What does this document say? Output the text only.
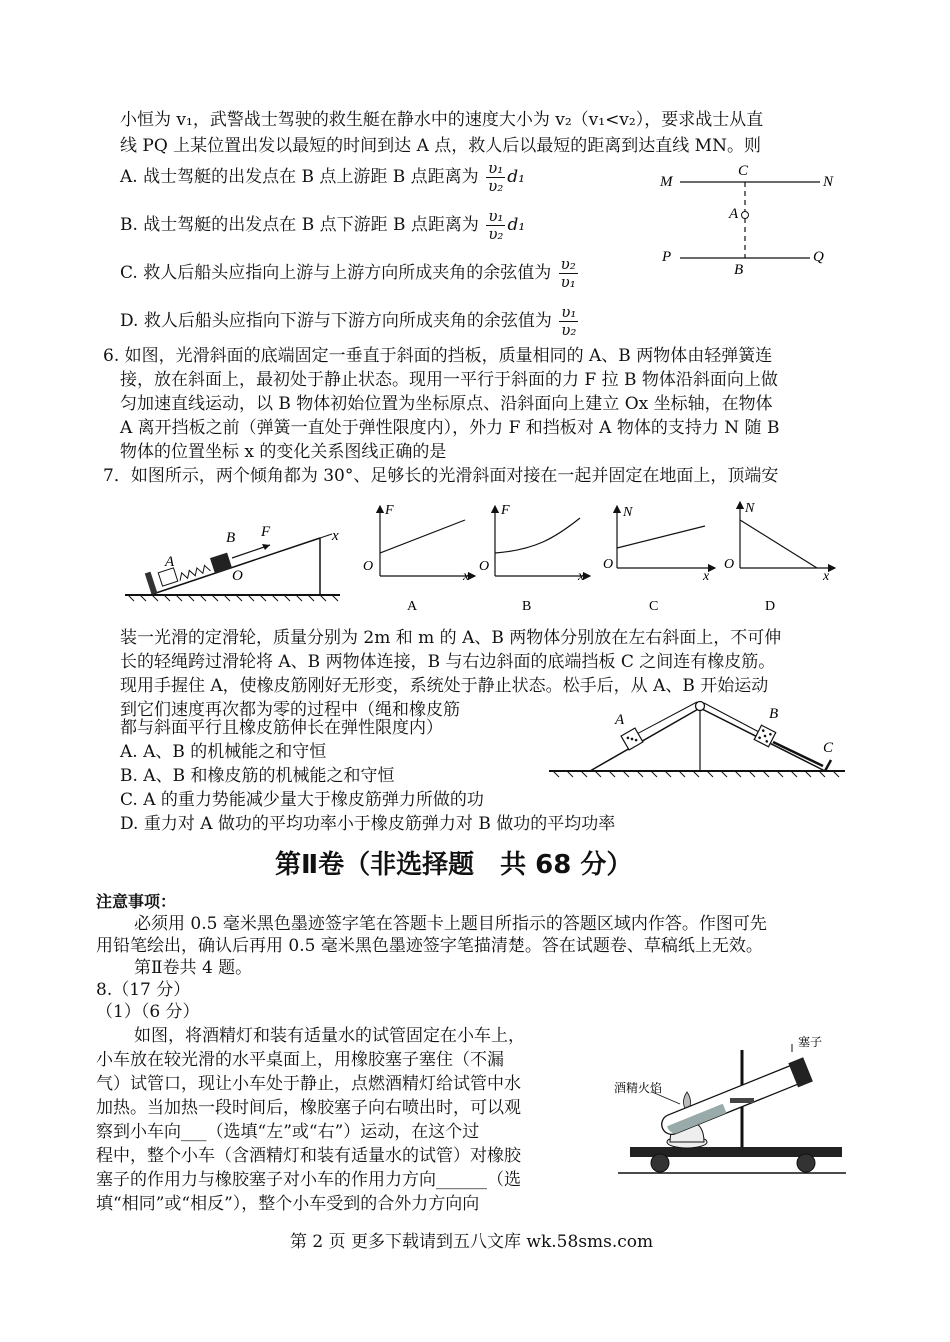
小恒为 v₁，武警战士驾驶的救生艇在静水中的速度大小为 v₂（v₁<v₂），要求战士从直
线 PQ 上某位置出发以最短的时间到达 A 点，救人后以最短的距离到达直线 MN。则
A. 战士驾艇的出发点在 B 点上游距 B 点距离为 $\frac{\text{υ₁}}{\text{υ₂}} d_1$
B. 战士驾艇的出发点在 B 点下游距 B 点距离为 $\frac{\text{υ₁}}{\text{υ₂}} d_1$
C. 救人后船头应指向上游与上游方向所成夹角的余弦值为 $\frac{\text{υ₂}}{\text{υ₁}}$
D. 救人后船头应指向下游与下游方向所成夹角的余弦值为 $\frac{\text{υ₁}}{\text{υ₂}}$
M	N
C
A
P	Q
B
6. 如图，光滑斜面的底端固定一垂直于斜面的挡板，质量相同的 A、B 两物体由轻弹簧连
接，放在斜面上，最初处于静止状态。现用一平行于斜面的力 F 拉 B 物体沿斜面向上做
匀加速直线运动，以 B 物体初始位置为坐标原点、沿斜面向上建立 Ox 坐标轴，在物体
A 离开挡板之前（弹簧一直处于弹性限度内），外力 F 和挡板对 A 物体的支持力 N 随 B
物体的位置坐标 x 的变化关系图线正确的是
7．如图所示，两个倾角都为 30°、足够长的光滑斜面对接在一起并固定在地面上，顶端安
A
B F
O
x
F
O
x
A
F
O
x
B
N
O
x
C
N
O
x
D
装一光滑的定滑轮，质量分别为 2m 和 m 的 A、B 两物体分别放在左右斜面上，不可伸
长的轻绳跨过滑轮将 A、B 两物体连接，B 与右边斜面的底端挡板 C 之间连有橡皮筋。
现用手握住 A，使橡皮筋刚好无形变，系统处于静止状态。松手后，从 A、B 开始运动
到它们速度再次都为零的过程中（绳和橡皮筋
都与斜面平行且橡皮筋伸长在弹性限度内）
A. A、B 的机械能之和守恒
B. A、B 和橡皮筋的机械能之和守恒
C. A 的重力势能减少量大于橡皮筋弹力所做的功
D. 重力对 A 做功的平均功率小于橡皮筋弹力对 B 做功的平均功率
A	B
C
第Ⅱ卷（非选择题　共 68 分）
注意事项：
必须用 0.5 毫米黑色墨迹签字笔在答题卡上题目所指示的答题区域内作答。作图可先
用铅笔绘出，确认后再用 0.5 毫米黑色墨迹签字笔描清楚。答在试题卷、草稿纸上无效。
第Ⅱ卷共 4 题。
8.（17 分）
（1）（6 分）
如图，将酒精灯和装有适量水的试管固定在小车上，
小车放在较光滑的水平桌面上，用橡胶塞子塞住（不漏
气）试管口，现让小车处于静止，点燃酒精灯给试管中水
加热。当加热一段时间后，橡胶塞子向右喷出时，可以观
察到小车向___（选填“左”或“右”）运动，在这个过
程中，整个小车（含酒精灯和装有适量水的试管）对橡胶
塞子的作用力与橡胶塞子对小车的作用力方向______（选
填“相同”或“相反”），整个小车受到的合外力方向向
塞子
酒精火焰
第 2 页 更多下载请到五八文库 wk.58sms.com
